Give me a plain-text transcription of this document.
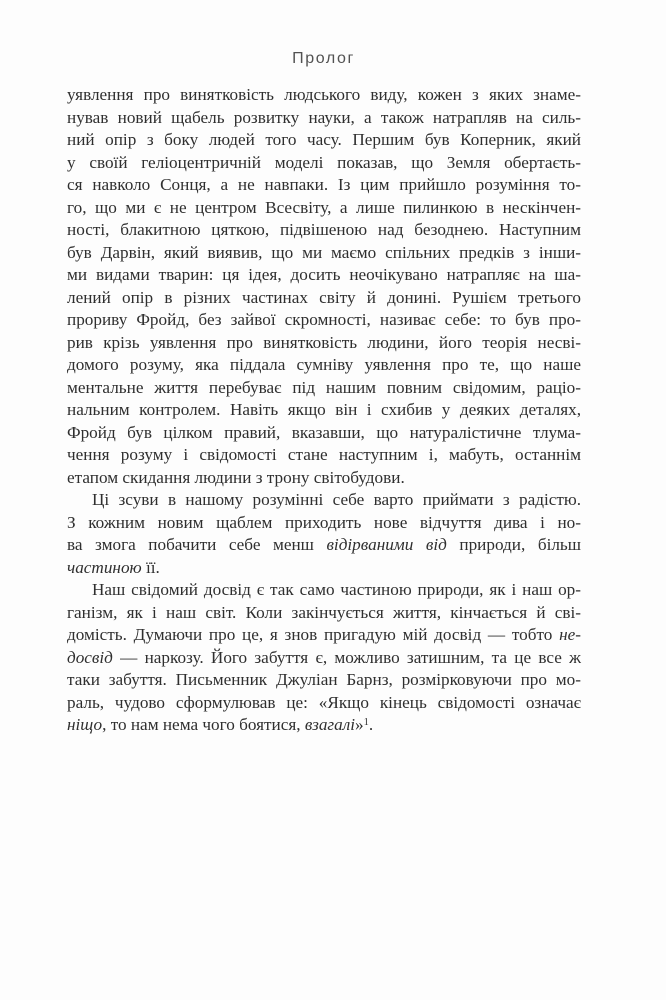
Пролог
уявлення про винятковість людського виду, кожен з яких знаме-
нував новий щабель розвитку науки, а також натрапляв на силь-
ний опір з боку людей того часу. Першим був Коперник, який
у своїй геліоцентричній моделі показав, що Земля обертаєть-
ся навколо Сонця, а не навпаки. Із цим прийшло розуміння то-
го, що ми є не центром Всесвіту, а лише пилинкою в нескінчен-
ності, блакитною цяткою, підвішеною над безоднею. Наступним
був Дарвін, який виявив, що ми маємо спільних предків з інши-
ми видами тварин: ця ідея, досить неочікувано натрапляє на ша-
лений опір в різних частинах світу й донині. Рушієм третього
прориву Фройд, без зайвої скромності, називає себе: то був про-
рив крізь уявлення про винятковість людини, його теорія несві-
домого розуму, яка піддала сумніву уявлення про те, що наше
ментальне життя перебуває під нашим повним свідомим, раціо-
нальним контролем. Навіть якщо він і схибив у деяких деталях,
Фройд був цілком правий, вказавши, що натуралістичне тлума-
чення розуму і свідомості стане наступним і, мабуть, останнім
етапом скидання людини з трону світобудови.
Ці зсуви в нашому розумінні себе варто приймати з радістю.
З кожним новим щаблем приходить нове відчуття дива і но-
ва змога побачити себе менш відірваними від природи, більш
частиною її.
Наш свідомий досвід є так само частиною природи, як і наш ор-
ганізм, як і наш світ. Коли закінчується життя, кінчається й сві-
домість. Думаючи про це, я знов пригадую мій досвід — тобто не-
досвід — наркозу. Його забуття є, можливо затишним, та це все ж
таки забуття. Письменник Джуліан Барнз, розмірковуючи про мо-
раль, чудово сформулював це: «Якщо кінець свідомості означає
ніщо, то нам нема чого боятися, взагалі»$^1$.
